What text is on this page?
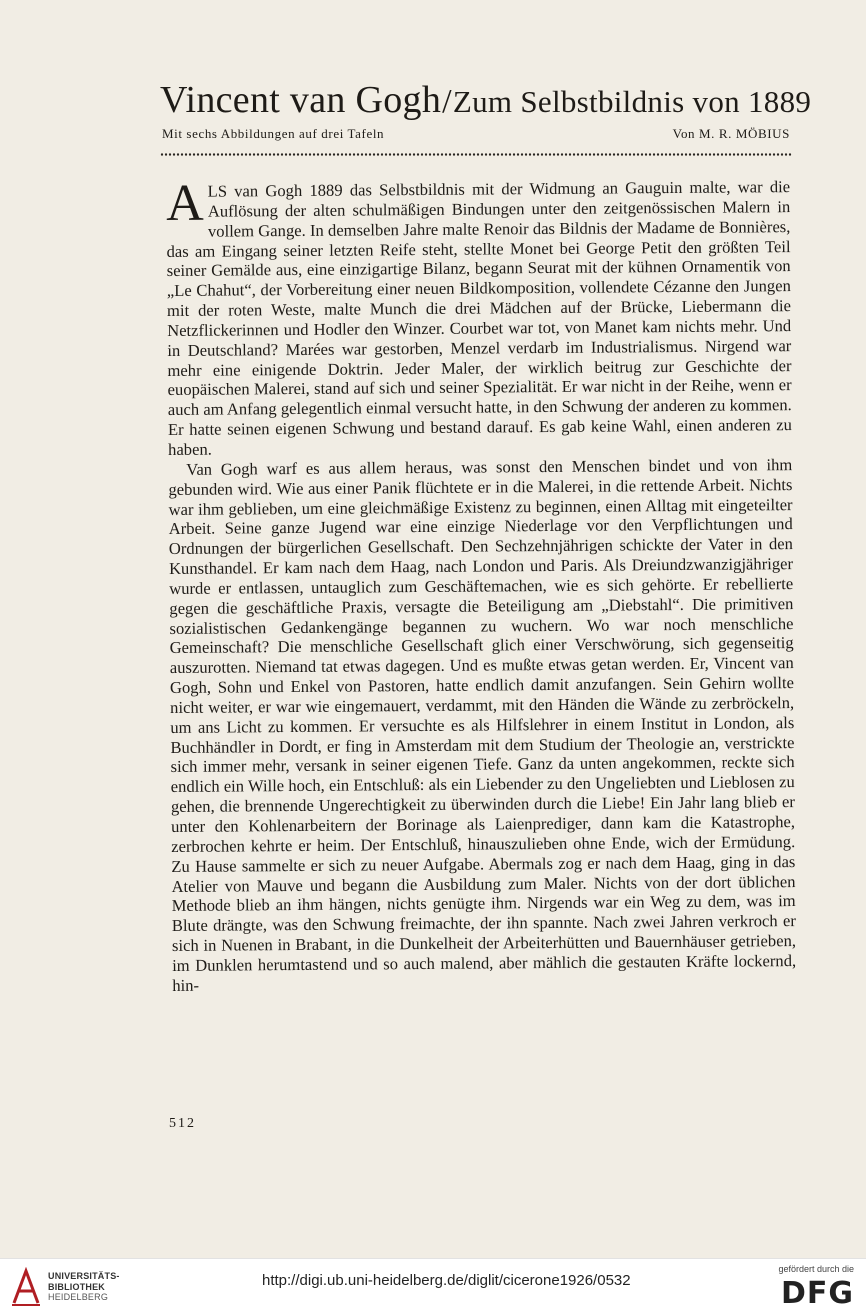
Vincent van Gogh/Zum Selbstbildnis von 1889
Mit sechs Abbildungen auf drei Tafeln	Von M. R. MÖBIUS

ALS van Gogh 1889 das Selbstbildnis mit der Widmung an Gauguin malte, war die Auflösung der alten schulmäßigen Bindungen unter den zeitgenössischen Malern in vollem Gange. In demselben Jahre malte Renoir das Bildnis der Madame de Bonnières, das am Eingang seiner letzten Reife steht, stellte Monet bei George Petit den größten Teil seiner Gemälde aus, eine einzigartige Bilanz, begann Seurat mit der kühnen Ornamentik von „Le Chahut“, der Vorbereitung einer neuen Bildkomposition, vollendete Cézanne den Jungen mit der roten Weste, malte Munch die drei Mädchen auf der Brücke, Liebermann die Netzflickerinnen und Hodler den Winzer. Courbet war tot, von Manet kam nichts mehr. Und in Deutschland? Marées war gestorben, Menzel verdarb im Industrialismus. Nirgend war mehr eine einigende Doktrin. Jeder Maler, der wirklich beitrug zur Geschichte der euopäischen Malerei, stand auf sich und seiner Spezialität. Er war nicht in der Reihe, wenn er auch am Anfang gelegentlich einmal versucht hatte, in den Schwung der anderen zu kommen. Er hatte seinen eigenen Schwung und bestand darauf. Es gab keine Wahl, einen anderen zu haben.

Van Gogh warf es aus allem heraus, was sonst den Menschen bindet und von ihm gebunden wird. Wie aus einer Panik flüchtete er in die Malerei, in die rettende Arbeit. Nichts war ihm geblieben, um eine gleichmäßige Existenz zu beginnen, einen Alltag mit eingeteilter Arbeit. Seine ganze Jugend war eine einzige Niederlage vor den Verpflichtungen und Ordnungen der bürgerlichen Gesellschaft. Den Sechzehnjährigen schickte der Vater in den Kunsthandel. Er kam nach dem Haag, nach London und Paris. Als Dreiundzwanzigjähriger wurde er entlassen, untauglich zum Geschäftemachen, wie es sich gehörte. Er rebellierte gegen die geschäftliche Praxis, versagte die Beteiligung am „Diebstahl“. Die primitiven sozialistischen Gedankengänge begannen zu wuchern. Wo war noch menschliche Gemeinschaft? Die menschliche Gesellschaft glich einer Verschwörung, sich gegenseitig auszurotten. Niemand tat etwas dagegen. Und es mußte etwas getan werden. Er, Vincent van Gogh, Sohn und Enkel von Pastoren, hatte endlich damit anzufangen. Sein Gehirn wollte nicht weiter, er war wie eingemauert, verdammt, mit den Händen die Wände zu zerbröckeln, um ans Licht zu kommen. Er versuchte es als Hilfslehrer in einem Institut in London, als Buchhändler in Dordt, er fing in Amsterdam mit dem Studium der Theologie an, verstrickte sich immer mehr, versank in seiner eigenen Tiefe. Ganz da unten angekommen, reckte sich endlich ein Wille hoch, ein Entschluß: als ein Liebender zu den Ungeliebten und Lieblosen zu gehen, die brennende Ungerechtigkeit zu überwinden durch die Liebe! Ein Jahr lang blieb er unter den Kohlenarbeitern der Borinage als Laienprediger, dann kam die Katastrophe, zerbrochen kehrte er heim. Der Entschluß, hinauszulieben ohne Ende, wich der Ermüdung. Zu Hause sammelte er sich zu neuer Aufgabe. Abermals zog er nach dem Haag, ging in das Atelier von Mauve und begann die Ausbildung zum Maler. Nichts von der dort üblichen Methode blieb an ihm hängen, nichts genügte ihm. Nirgends war ein Weg zu dem, was im Blute drängte, was den Schwung freimachte, der ihn spannte. Nach zwei Jahren verkroch er sich in Nuenen in Brabant, in die Dunkelheit der Arbeiterhütten und Bauernhäuser getrieben, im Dunklen herumtastend und so auch malend, aber mählich die gestauten Kräfte lockernd, hin-

512
UNIVERSITÄTS-
BIBLIOTHEK
HEIDELBERG
http://digi.ub.uni-heidelberg.de/diglit/cicerone1926/0532
gefördert durch die
DFG
